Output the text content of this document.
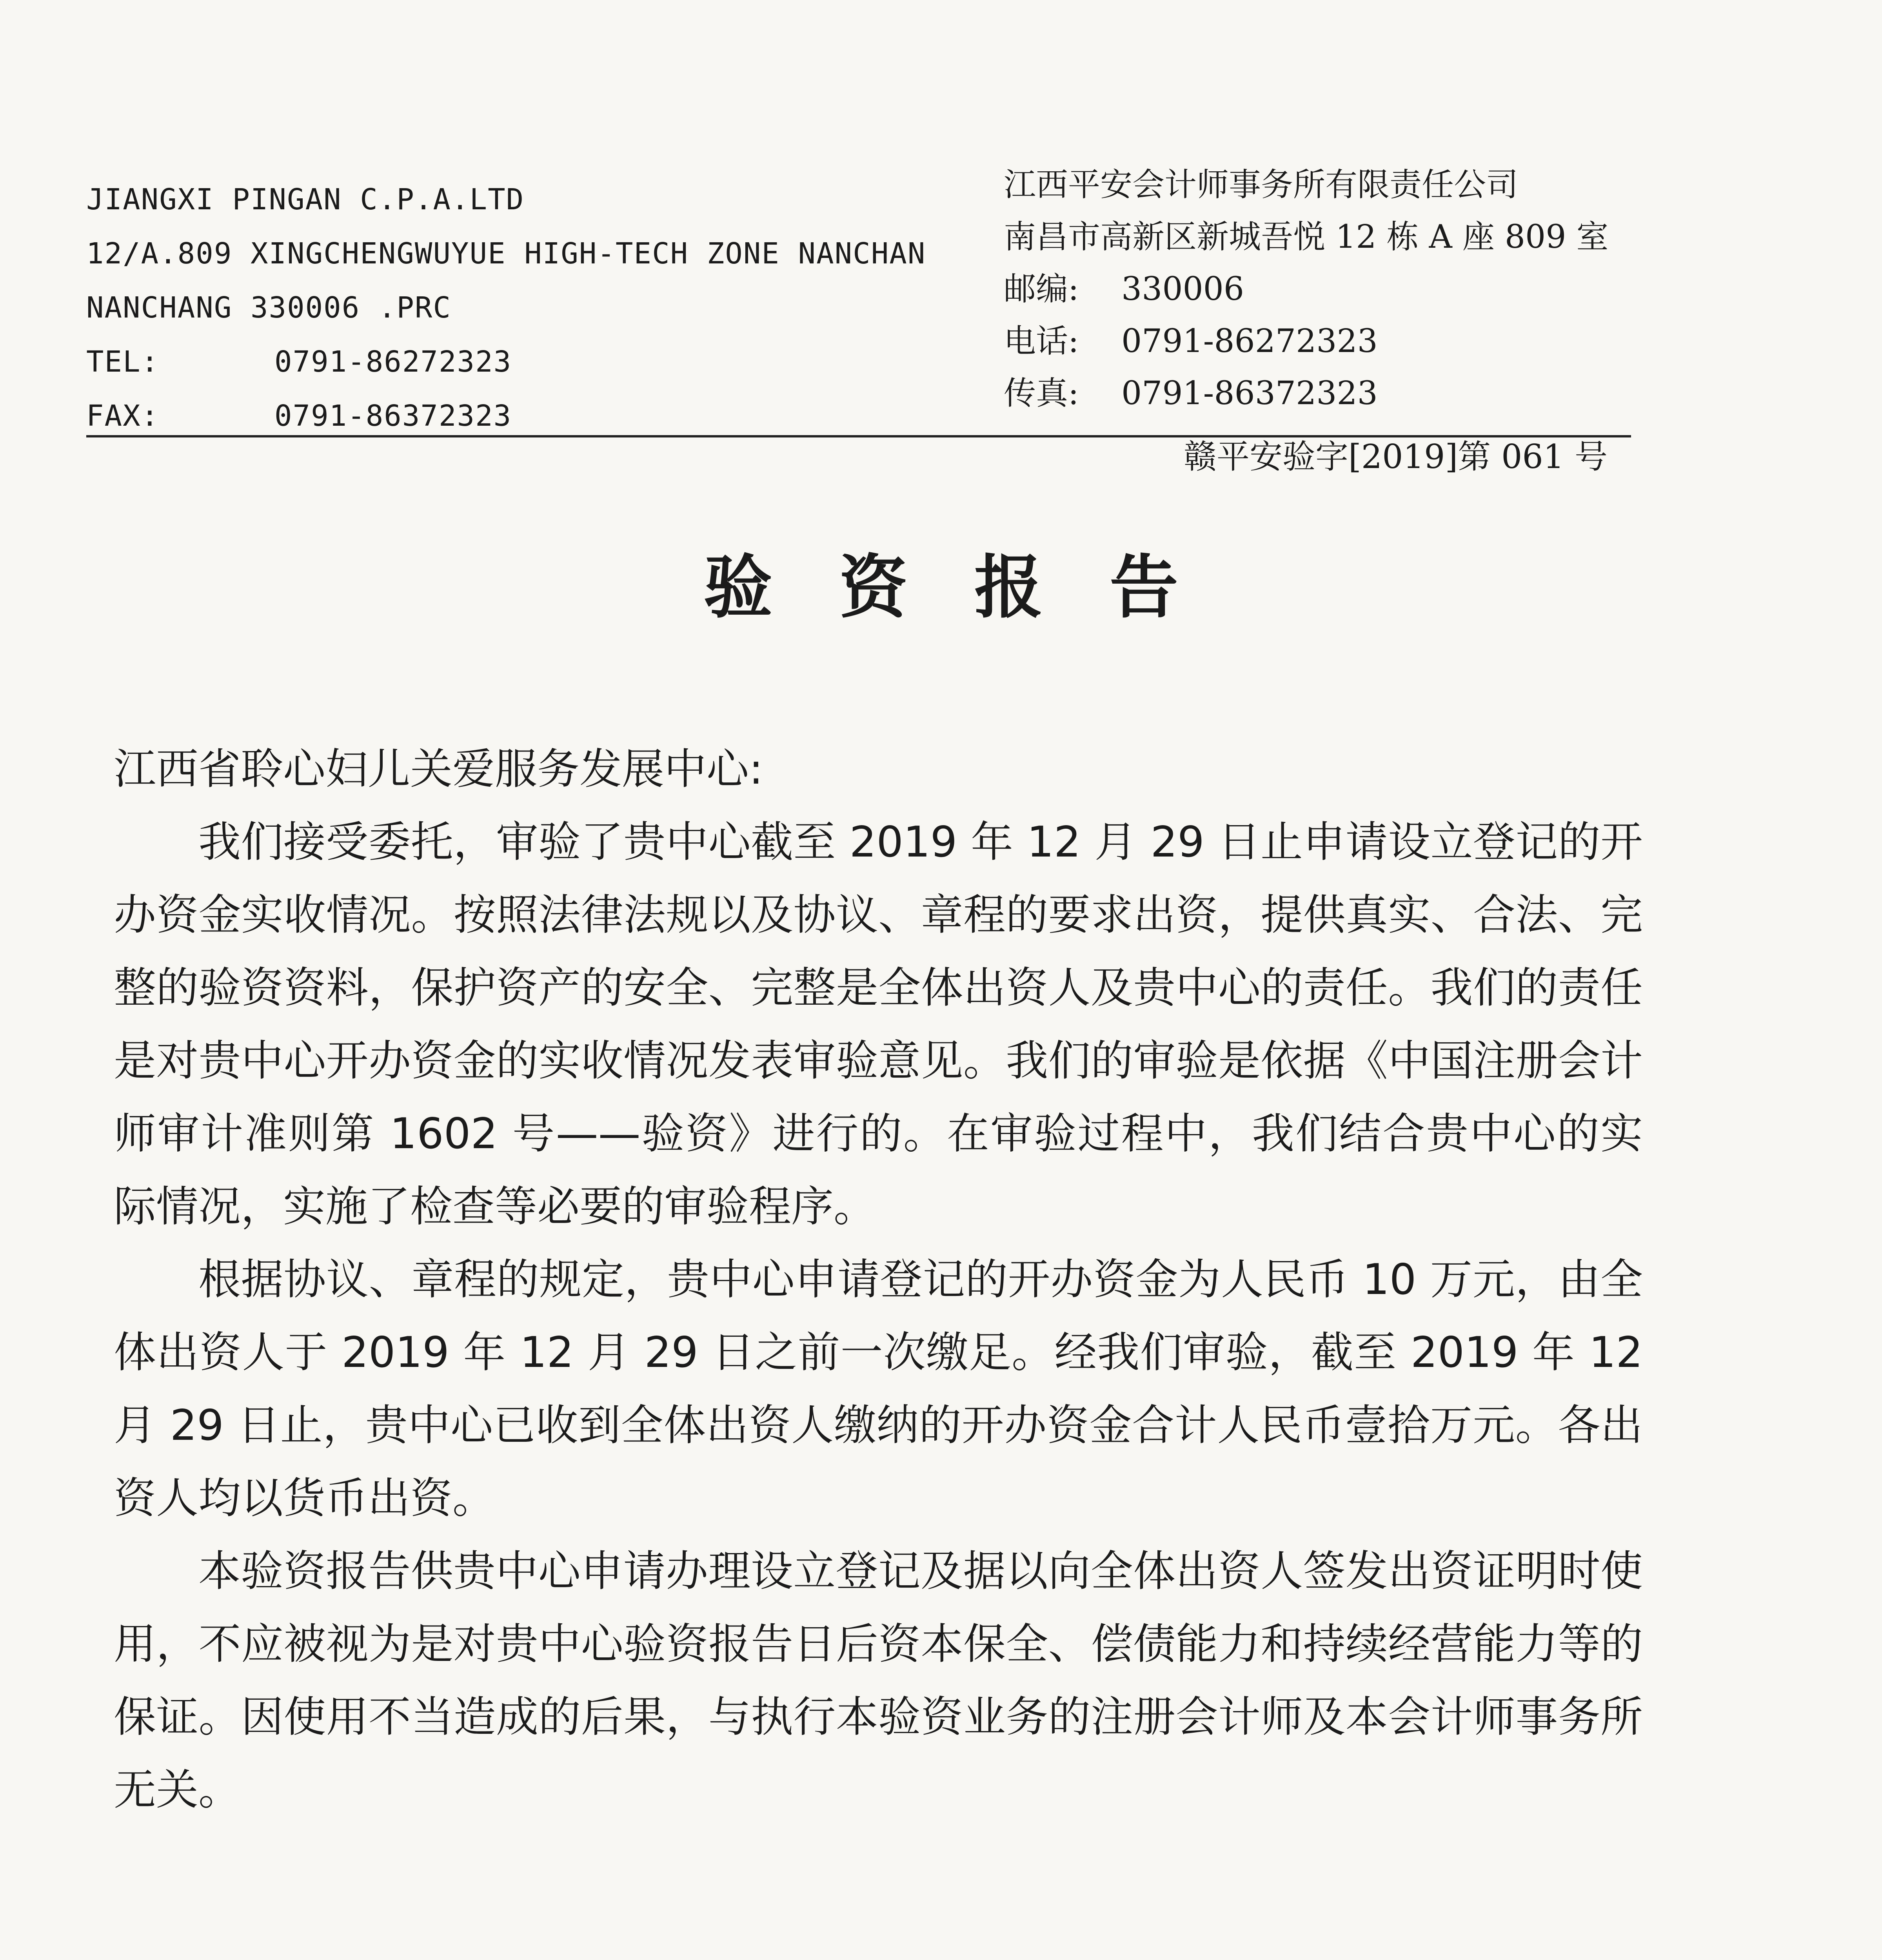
JIANGXI PINGAN C.P.A.LTD
12/A.809 XINGCHENGWUYUE HIGH-TECH ZONE NANCHAN
NANCHANG 330006 .PRC
TEL:	0791-86272323
FAX:	0791-86372323
江西平安会计师事务所有限责任公司
南昌市高新区新城吾悦 12 栋 A 座 809 室
邮编: 330006
电话: 0791-86272323
传真: 0791-86372323
赣平安验字[2019]第 061 号
验资报告

江西省聆心妇儿关爱服务发展中心:

我们接受委托，审验了贵中心截至 2019 年 12 月 29 日止申请设立登记的开办资金实收情况。按照法律法规以及协议、章程的要求出资，提供真实、合法、完整的验资资料，保护资产的安全、完整是全体出资人及贵中心的责任。我们的责任是对贵中心开办资金的实收情况发表审验意见。我们的审验是依据《中国注册会计师审计准则第 1602 号——验资》进行的。在审验过程中，我们结合贵中心的实际情况，实施了检查等必要的审验程序。

根据协议、章程的规定，贵中心申请登记的开办资金为人民币 10 万元，由全体出资人于 2019 年 12 月 29 日之前一次缴足。经我们审验，截至 2019 年 12 月 29 日止，贵中心已收到全体出资人缴纳的开办资金合计人民币壹拾万元。各出资人均以货币出资。

本验资报告供贵中心申请办理设立登记及据以向全体出资人签发出资证明时使用，不应被视为是对贵中心验资报告日后资本保全、偿债能力和持续经营能力等的保证。因使用不当造成的后果，与执行本验资业务的注册会计师及本会计师事务所无关。
